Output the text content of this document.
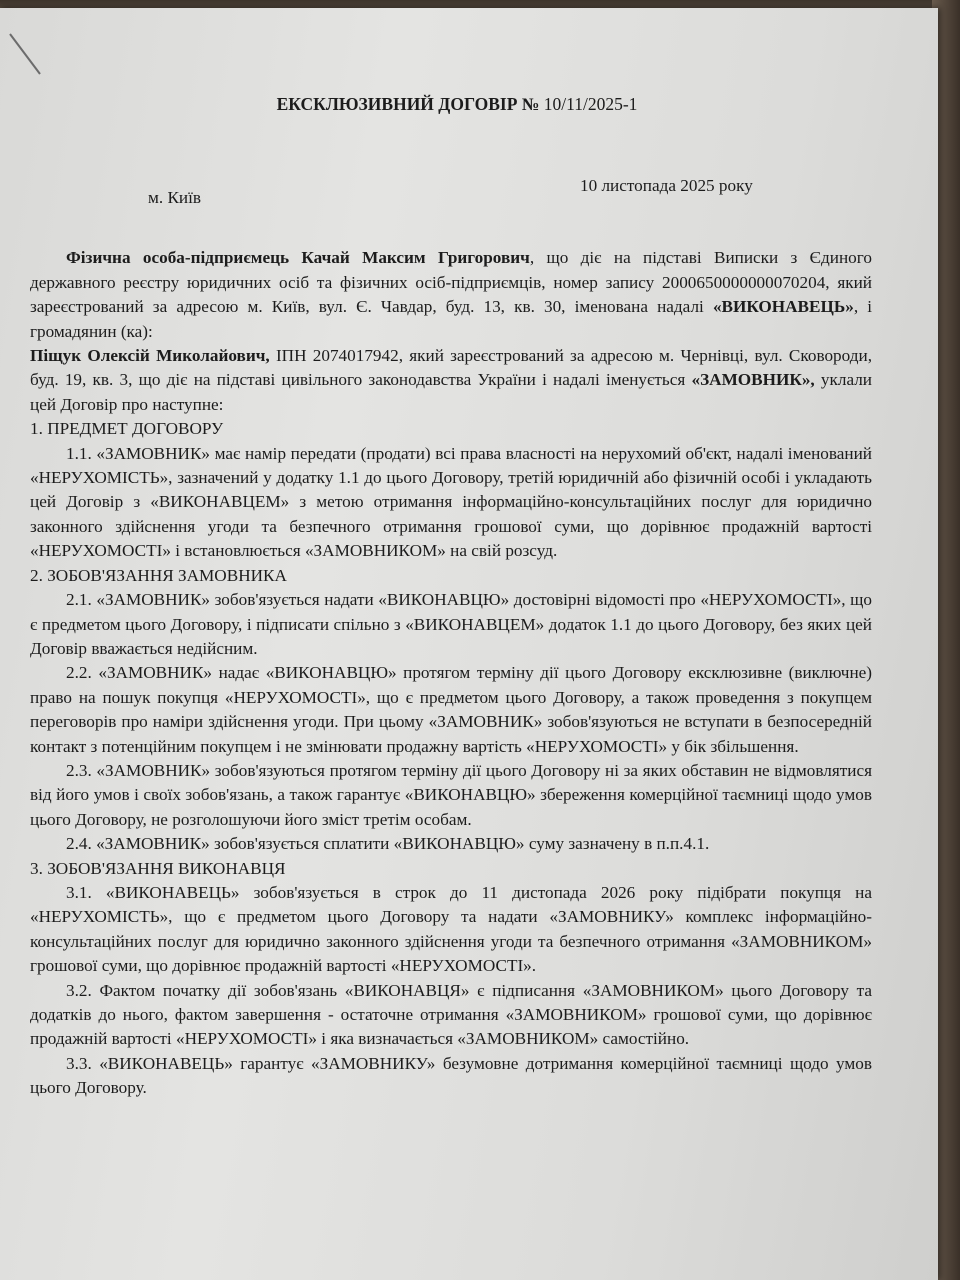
ЕКСКЛЮЗИВНИЙ ДОГОВІР № 10/11/2025-1
м. Київ
10 листопада 2025 року

Фізична особа-підприємець Качай Максим Григорович, що діє на підставі Виписки з Єдиного державного реєстру юридичних осіб та фізичних осіб-підприємців, номер запису 2000650000000070204, який зареєстрований за адресою м. Київ, вул. Є. Чавдар, буд. 13, кв. 30, іменована надалі «ВИКОНАВЕЦЬ», і громадянин (ка):

Піщук Олексій Миколайович, ІПН 2074017942, який зареєстрований за адресою м. Чернівці, вул. Сковороди, буд. 19, кв. 3, що діє на підставі цивільного законодавства України і надалі іменується «ЗАМОВНИК», уклали цей Договір про наступне:

1. ПРЕДМЕТ ДОГОВОРУ

1.1. «ЗАМОВНИК» має намір передати (продати) всі права власності на нерухомий об'єкт, надалі іменований «НЕРУХОМІСТЬ», зазначений у додатку 1.1 до цього Договору, третій юридичній або фізичній особі і укладають цей Договір з «ВИКОНАВЦЕМ» з метою отримання інформаційно-консультаційних послуг для юридично законного здійснення угоди та безпечного отримання грошової суми, що дорівнює продажній вартості «НЕРУХОМОСТІ» і встановлюється «ЗАМОВНИКОМ» на свій розсуд.

2. ЗОБОВ'ЯЗАННЯ ЗАМОВНИКА

2.1. «ЗАМОВНИК» зобов'язується надати «ВИКОНАВЦЮ» достовірні відомості про «НЕРУХОМОСТІ», що є предметом цього Договору, і підписати спільно з «ВИКОНАВЦЕМ» додаток 1.1 до цього Договору, без яких цей Договір вважається недійсним.

2.2. «ЗАМОВНИК» надає «ВИКОНАВЦЮ» протягом терміну дії цього Договору ексклюзивне (виключне) право на пошук покупця «НЕРУХОМОСТІ», що є предметом цього Договору, а також проведення з покупцем переговорів про наміри здійснення угоди. При цьому «ЗАМОВНИК» зобов'язуються не вступати в безпосередній контакт з потенційним покупцем і не змінювати продажну вартість «НЕРУХОМОСТІ» у бік збільшення.

2.3. «ЗАМОВНИК» зобов'язуються протягом терміну дії цього Договору ні за яких обставин не відмовлятися від його умов і своїх зобов'язань, а також гарантує «ВИКОНАВЦЮ» збереження комерційної таємниці щодо умов цього Договору, не розголошуючи його зміст третім особам.

2.4. «ЗАМОВНИК» зобов'язується сплатити «ВИКОНАВЦЮ» суму зазначену в п.п.4.1.

3. ЗОБОВ'ЯЗАННЯ ВИКОНАВЦЯ

3.1. «ВИКОНАВЕЦЬ» зобов'язується в строк до 11 дистопада 2026 року підібрати покупця на «НЕРУХОМІСТЬ», що є предметом цього Договору та надати «ЗАМОВНИКУ» комплекс інформаційно-консультаційних послуг для юридично законного здійснення угоди та безпечного отримання «ЗАМОВНИКОМ» грошової суми, що дорівнює продажній вартості «НЕРУХОМОСТІ».

3.2. Фактом початку дії зобов'язань «ВИКОНАВЦЯ» є підписання «ЗАМОВНИКОМ» цього Договору та додатків до нього, фактом завершення - остаточне отримання «ЗАМОВНИКОМ» грошової суми, що дорівнює продажній вартості «НЕРУХОМОСТІ» і яка визначається «ЗАМОВНИКОМ» самостійно.

3.3. «ВИКОНАВЕЦЬ» гарантує «ЗАМОВНИКУ» безумовне дотримання комерційної таємниці щодо умов цього Договору.
